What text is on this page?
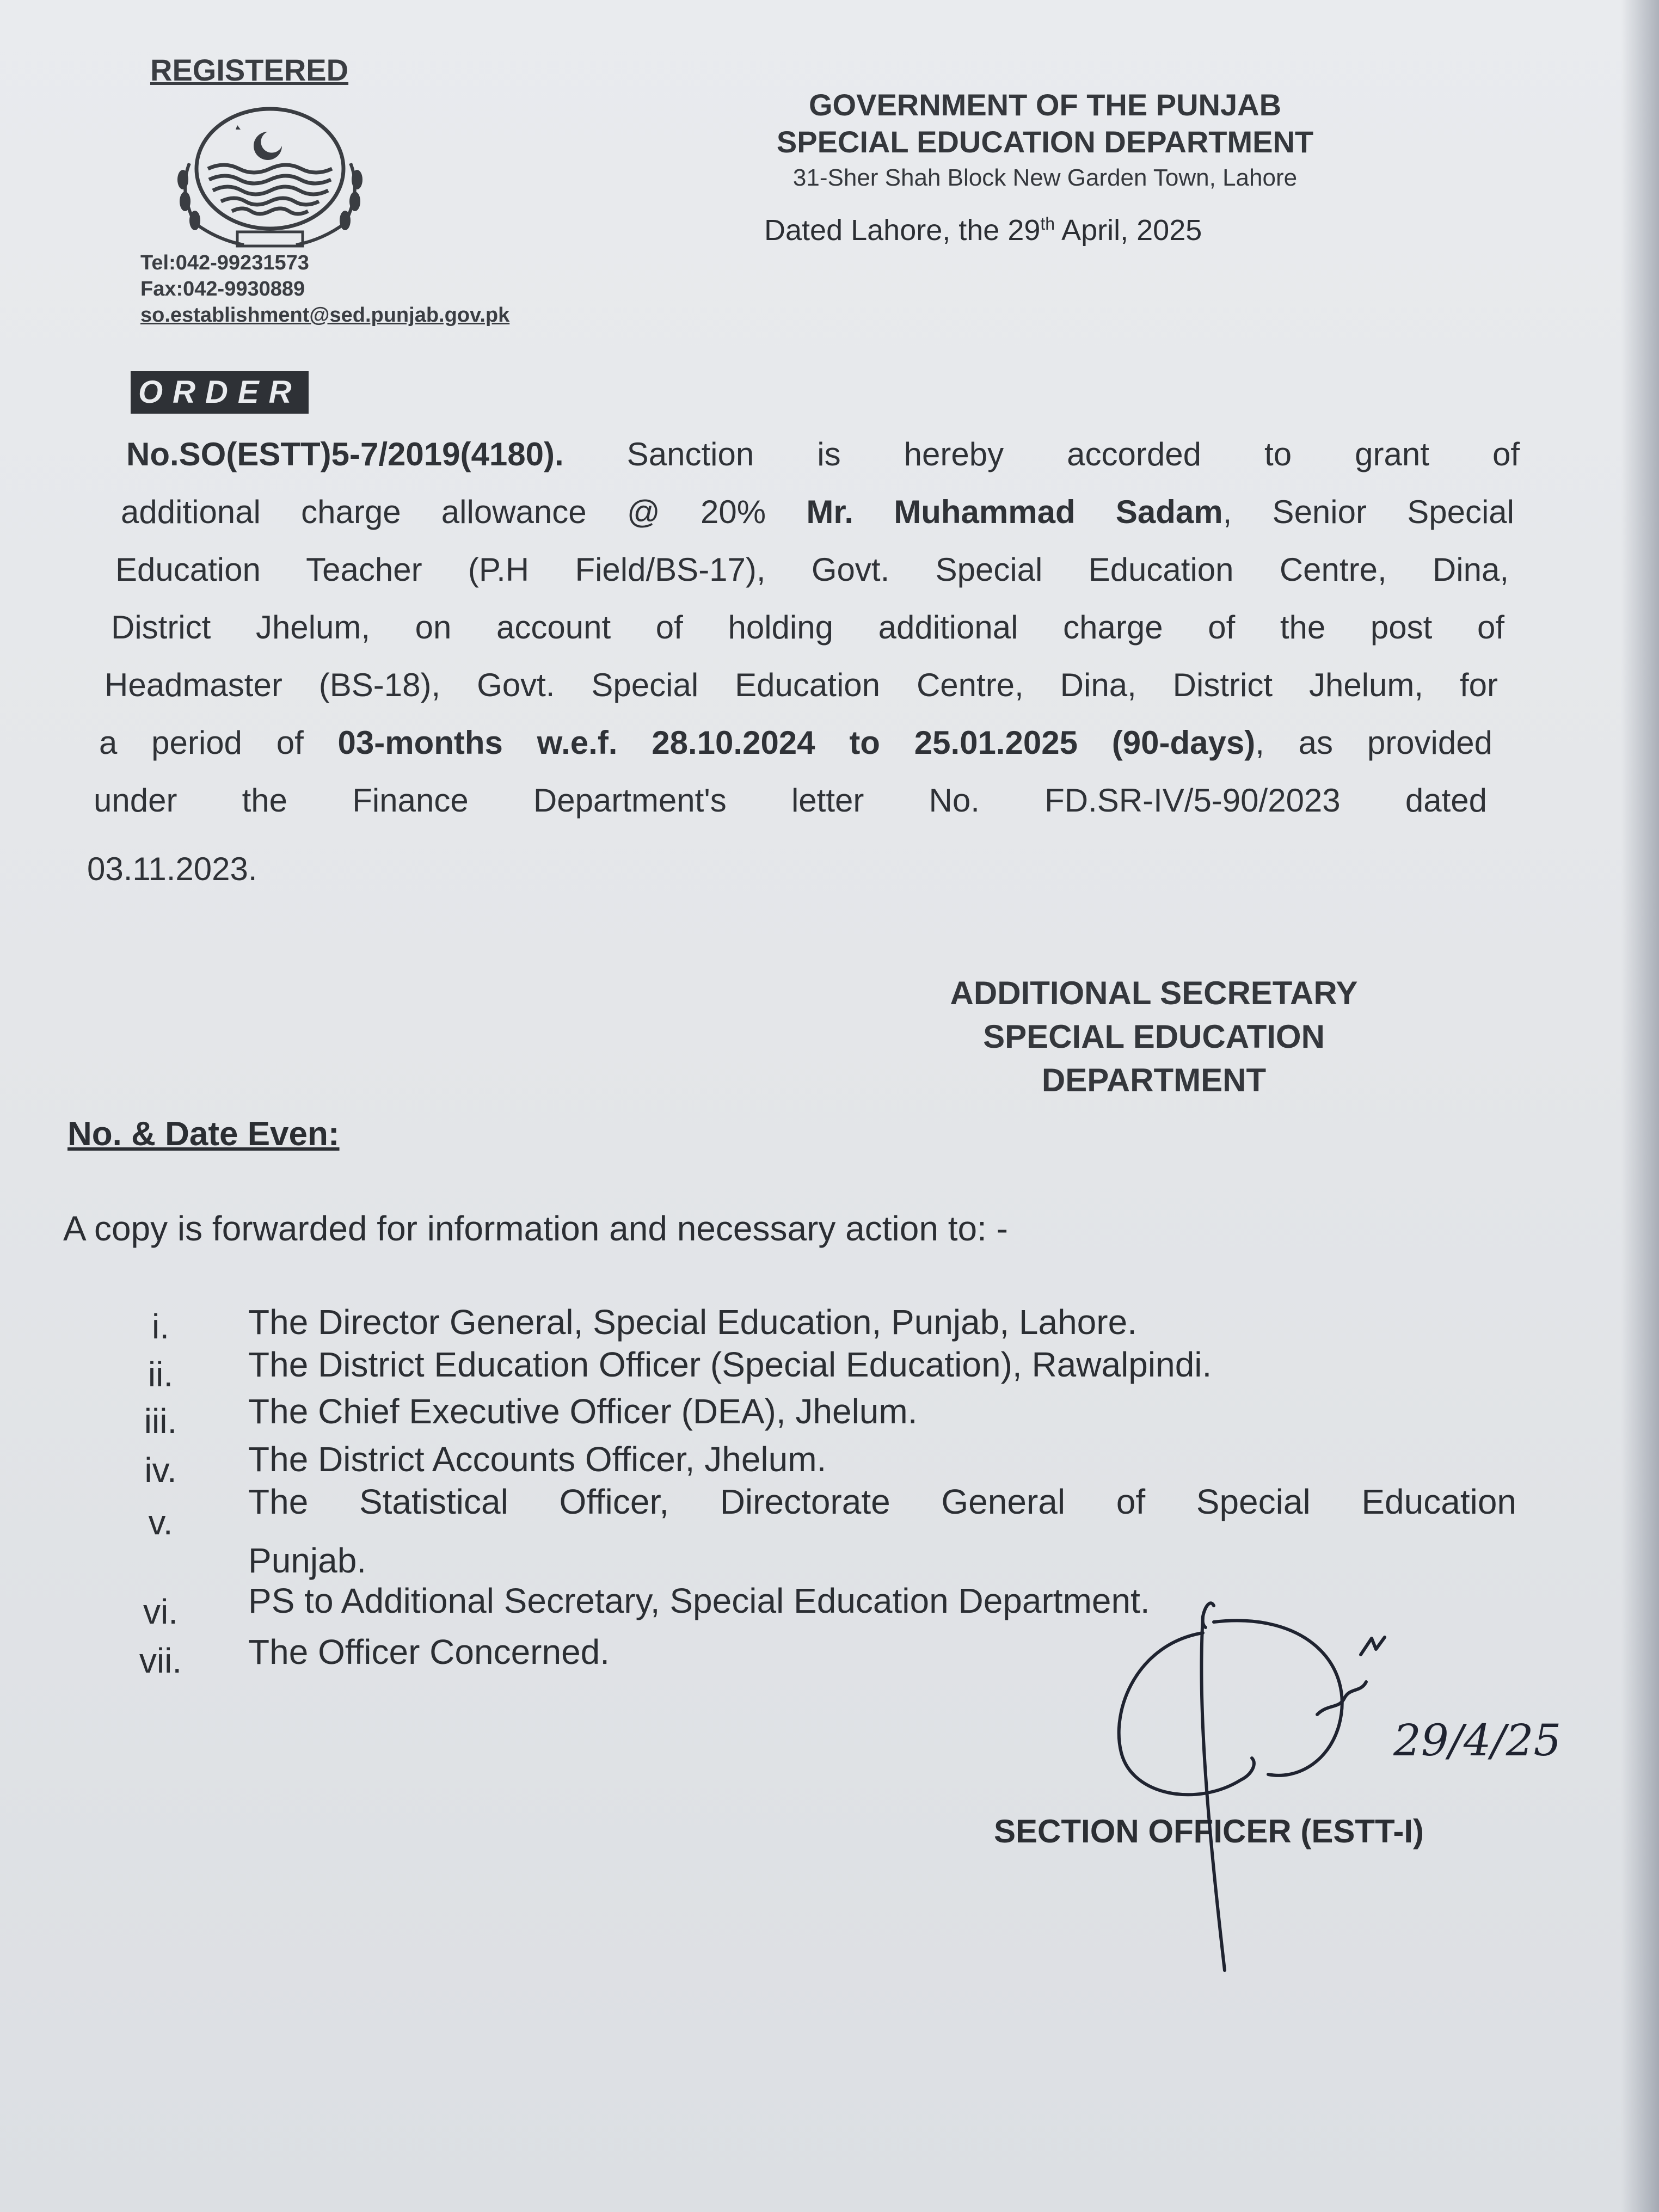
REGISTERED
Tel:042-99231573
Fax:042-9930889
so.establishment@sed.punjab.gov.pk
GOVERNMENT OF THE PUNJAB
SPECIAL EDUCATION DEPARTMENT
31-Sher Shah Block New Garden Town, Lahore
Dated Lahore, the 29th April, 2025
ORDER
No.SO(ESTT)5-7/2019(4180). Sanction is hereby accorded to grant of
additional charge allowance @ 20% Mr. Muhammad Sadam, Senior Special
Education Teacher (P.H Field/BS-17), Govt. Special Education Centre, Dina,
District Jhelum, on account of holding additional charge of the post of
Headmaster (BS-18), Govt. Special Education Centre, Dina, District Jhelum, for
a period of 03-months w.e.f. 28.10.2024 to 25.01.2025 (90-days), as provided
under the Finance Department's letter No. FD.SR-IV/5-90/2023 dated
03.11.2023.
ADDITIONAL SECRETARY
SPECIAL EDUCATION
DEPARTMENT
No. & Date Even:
A copy is forwarded for information and necessary action to: -
i.	The Director General, Special Education, Punjab, Lahore.
ii.	The District Education Officer (Special Education), Rawalpindi.
iii.	The Chief Executive Officer (DEA), Jhelum.
iv.	The District Accounts Officer, Jhelum.
v.
The Statistical Officer, Directorate General of Special Education
Punjab.
vi.	PS to Additional Secretary, Special Education Department.
vii.	The Officer Concerned.
SECTION OFFICER (ESTT-I)
29/4/25
